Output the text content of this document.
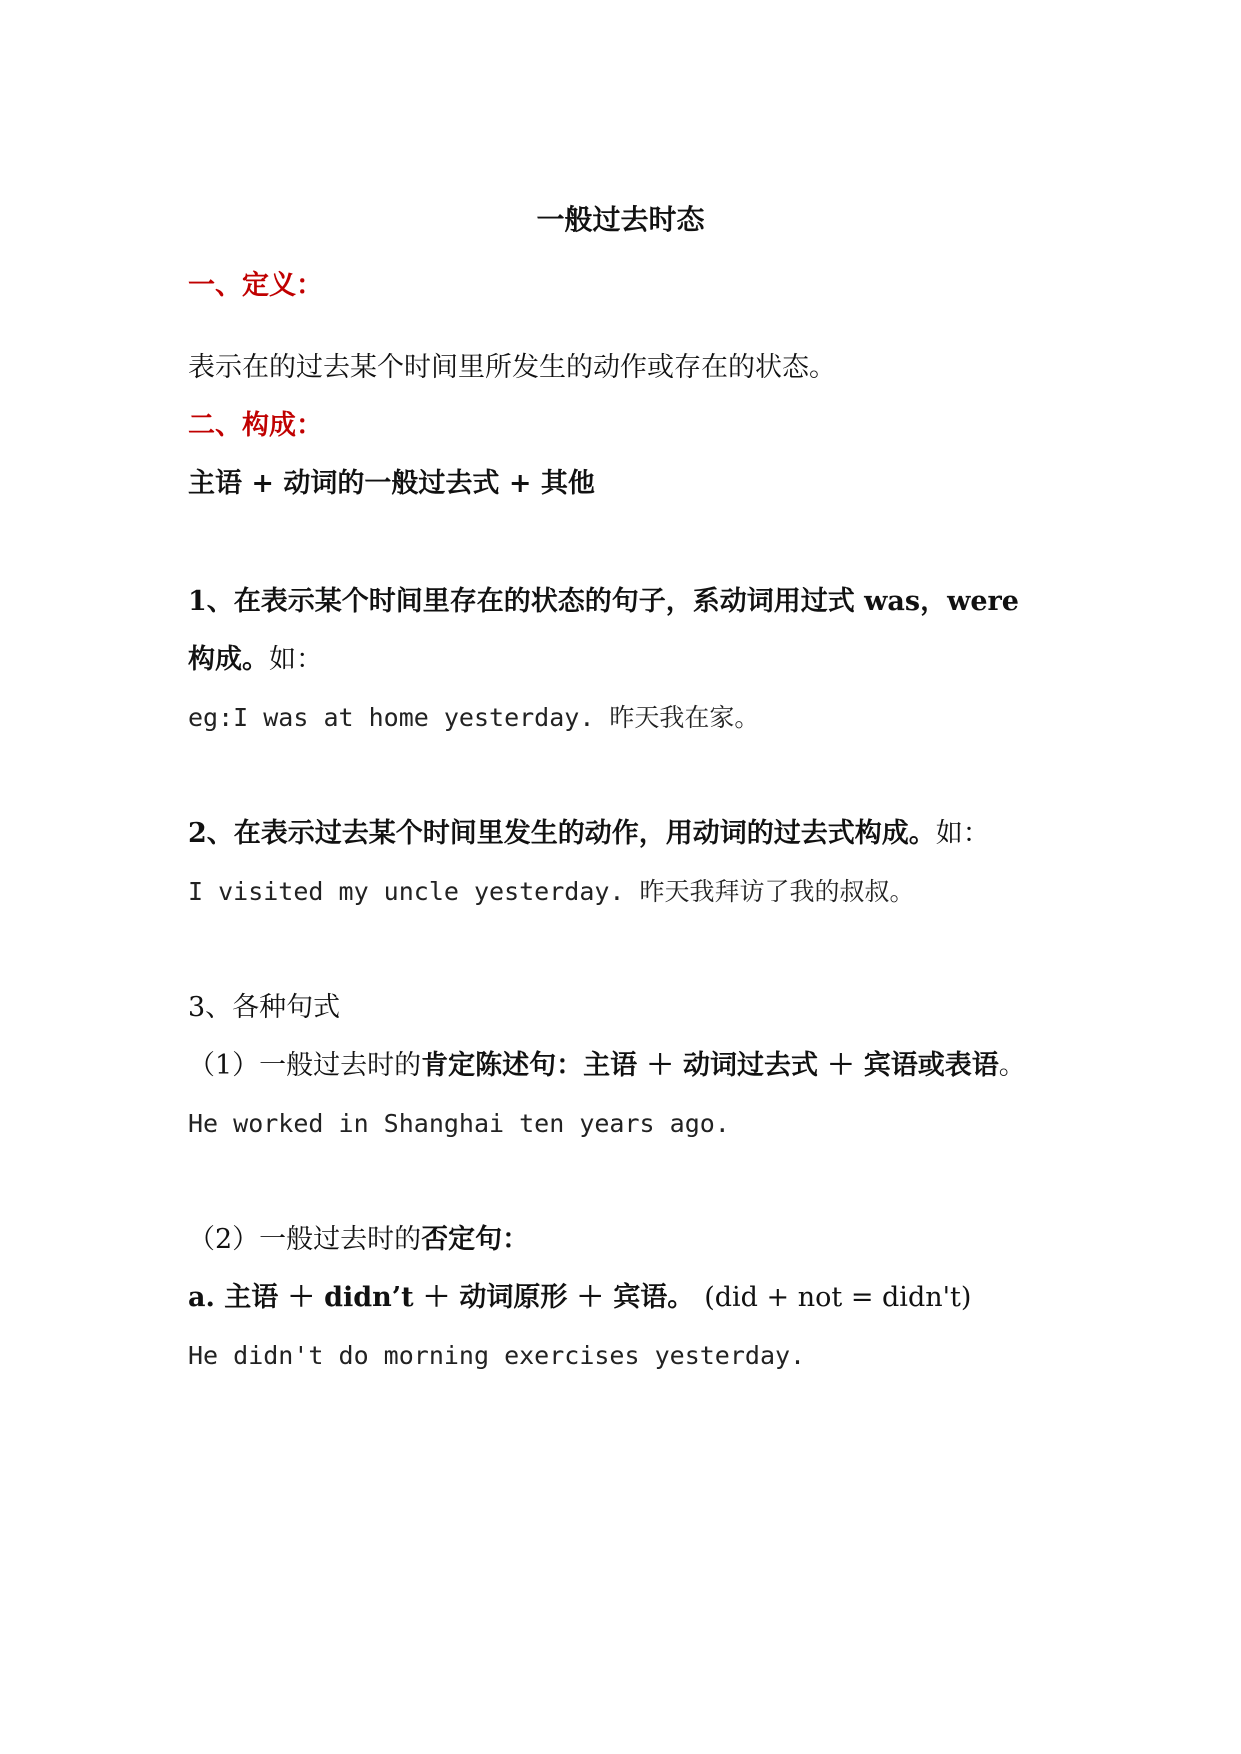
一般过去时态
一、定义：
表示在的过去某个时间里所发生的动作或存在的状态。
二、构成：
主语 + 动词的一般过去式 + 其他
1、在表示某个时间里存在的状态的句子，系动词用过式 was，were
构成。如：
eg:I was at home yesterday. 昨天我在家。
2、在表示过去某个时间里发生的动作，用动词的过去式构成。如：
I visited my uncle yesterday. 昨天我拜访了我的叔叔。
3、各种句式
（1）一般过去时的肯定陈述句：主语 ＋ 动词过去式 ＋ 宾语或表语。
He worked in Shanghai ten years ago.
（2）一般过去时的否定句：
a. 主语 ＋ didn’t ＋ 动词原形 ＋ 宾语。 (did + not = didn't)
He didn't do morning exercises yesterday.
